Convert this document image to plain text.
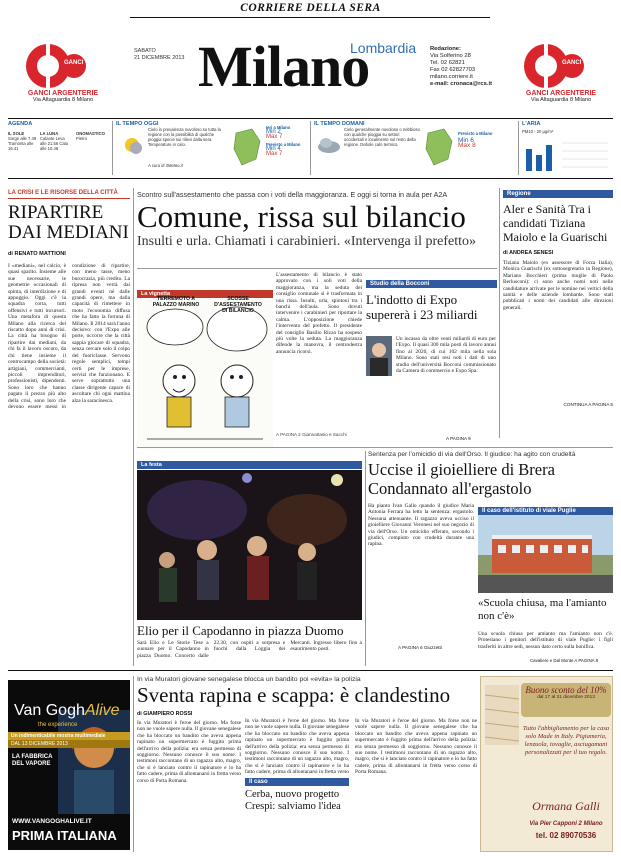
CORRIERE DELLA SERA
GANCI
GANCI ARGENTERIE
Via Altaguardia 8 Milano
GANCI
GANCI ARGENTERIE
Via Altaguardia 8 Milano
SABATO
21 DICEMBRE 2013 Milano
Lombardia Redazione:
Via Solferino 28
Tel. 02 62821
Fax 02 62827703
milano.corriere.it
e-mail: cronaca@rcs.it
AGENDA
IL SOLE
Sorge alle 7.49 Tramonta alle 16.41
LA LUNA
Calante Leva alle 21.56 Cala alle 10.48
ONOMASTICO
Pietro
IL TEMPO OGGI
Cielo in prevalenza nuvoloso su tutta la regione con la possibilità di qualche pioggia specie sui rilievi dalla sera. Temperature in calo.
A cura di 3Meteo.it
Ieri a Milano
Min 2
Max 7
Previsto a Milano
Min 4
Max 7
IL TEMPO DOMANI
Cielo generalmente nuvoloso o nebbioso con qualche pioggia su settori occidentali e localmente sul resto della regione. Debole calo termico.
Previsto a Milano
Min 6
Max 8
L'ARIA
PM10 - 20 µg/m³
LA CRISI E LE RISORSE DELLA CITTÀ
RIPARTIRE DAI MEDIANI
di RENATO MATTIONI
I «mediani», nel calcio, è quasi sparito. Insieme alle sue necessarie, le geometrie occasionali di spinta, di interdizione e di appoggio. Oggi c'è la squadra corta, tutti offensivi e tutti incursori. Una metafora di questa Milano alla ricerca del riscatto dopo anni di crisi. La città ha bisogno di ripartire dai mediani, da chi fa il lavoro oscuro, da chi tiene insieme il centrocampo della società: artigiani, commercianti, piccoli imprenditori, professionisti, dipendenti. Sono loro che hanno pagato il prezzo più alto della crisi, sono loro che devono essere messi in condizione di ripartire, con meno tasse, meno burocrazia, più credito. La ripresa non verrà dai grandi eventi né dalle grandi opere, ma dalla capacità di rimettere in moto l'economia diffusa che ha fatto la fortuna di Milano. Il 2014 sarà l'anno decisivo: con l'Expo alle porte, occorre che la città sappia giocare di squadra, senza cercare solo il colpo del fuoriclasse. Servono regole semplici, tempi certi per le imprese, servizi che funzionano. E serve soprattutto una classe dirigente capace di ascoltare chi ogni mattina alza la saracinesca.
Scontro sull'assestamento che passa con i voti della maggioranza. E oggi si torna in aula per A2A
Comune, rissa sul bilancio
Insulti e urla. Chiamati i carabinieri. «Intervenga il prefetto»
La vignetta
TERREMOTO A PALAZZO MARINO
SCOSSE D'ASSESTAMENTO DI BILANCIO
L'assestamento di bilancio è stato approvato con i soli voti della maggioranza, ma la seduta del consiglio comunale si è trasformata in una rissa. Insulti, urla, spintoni tra i banchi dell'aula. Sono dovuti intervenire i carabinieri per riportare la calma. L'opposizione chiede l'intervento del prefetto. Il presidente del consiglio Basilio Rizzo ha sospeso più volte la seduta. La maggioranza difende la manovra, il centrodestra annuncia ricorsi.
A PAGINA 2 Giannattasio e Sacchi
Studio della Bocconi
L'indotto di Expo supererà i 23 miliardi
Un incasso da oltre venti miliardi di euro per l'Expo. Il quasi 300 mila posti di lavoro annui fino al 2020, di cui 102 mila nella sola Milano. Sono stati resi noti i dati di uno studio dell'università Bocconi commissionato da Camera di commercio e Expo Spa.
A PAGINA 9
Regione
Aler e Sanità Tra i candidati Tiziana Maiolo e la Guarischi
di ANDREA SENESI
Tiziana Maiolo (ex assessore di Forza Italia), Monica Guarischi (ex sottosegretario in Regione), Mariano Bocchieri (prima moglie di Paolo Berlusconi): ci sono anche nomi noti nelle candidature arrivate per le nomine nei vertici della sanità e delle aziende lombarde. Sono stati pubblicati i nomi dei candidati alle direzioni generali.
CONTINUA A PAGINA 5
La festa
Elio per il Capodanno in piazza Duomo
Sarà Elio e Le Storie Tese a suonare per il Capodanno in piazza Duomo. Concerto dalle 22.30, con ospiti a sorpresa e fuochi dalla Loggia dei Mercanti. Ingresso libero fino a esaurimento posti.
Sentenza per l'omicidio di via dell'Orso. Il giudice: ha agito con crudeltà
Uccise il gioielliere di Brera Condannato all'ergastolo
Ha pianto Ivan Gallo quando il giudice Maria Antonia Ferrara ha letto la sentenza: ergastolo. Nessuna attenuante. Il ragazzo aveva ucciso il gioielliere Giovanni Veronesi nel suo negozio di via dell'Orso. Un omicidio efferato, secondo i giudici, compiuto con crudeltà durante una rapina.
A PAGINA 6 Giuzzetti
Il caso dell'istituto di viale Puglie
«Scuola chiusa, ma l'amianto non c'è»
Una scuola chiusa per amianto ma l'amianto non c'è. Protestano i genitori dell'istituto di viale Puglie: i figli trasferiti in altre sedi, nessun dato certo sulla bonifica.
Cavaliere e Dal Monte A PAGINA 8
Van GoghAlive
the experience
Un indimenticabile mostra multimediale
DAL 13 DICEMBRE 2013
LA FABBRICA DEL VAPORE
WWW.VANGOGHALIVE.IT
PRIMA ITALIANA
In via Muratori giovane senegalese blocca un bandito poi «evita» la polizia
Sventa rapina e scappa: è clandestino
di GIAMPIERO ROSSI
In via Muratori è l'eroe del giorno. Ma forse non ne vuole sapere nulla. Il giovane senegalese che ha bloccato un bandito che aveva appena rapinato un supermercato è fuggito prima dell'arrivo della polizia: era senza permesso di soggiorno. Nessuno conosce il suo nome. I testimoni raccontano di un ragazzo alto, magro, che si è lanciato contro il rapinatore e lo ha fatto cadere, prima di allontanarsi in fretta verso corso di Porta Romana.
In via Muratori è l'eroe del giorno. Ma forse non ne vuole sapere nulla. Il giovane senegalese che ha bloccato un bandito che aveva appena rapinato un supermercato è fuggito prima dell'arrivo della polizia: era senza permesso di soggiorno. Nessuno conosce il suo nome. I testimoni raccontano di un ragazzo alto, magro, che si è lanciato contro il rapinatore e lo ha fatto cadere, prima di allontanarsi in fretta verso
Il caso
Cerba, nuovo progetto Crespi: salviamo l'idea
In via Muratori è l'eroe del giorno. Ma forse non ne vuole sapere nulla. Il giovane senegalese che ha bloccato un bandito che aveva appena rapinato un supermercato è fuggito prima dell'arrivo della polizia: era senza permesso di soggiorno. Nessuno conosce il suo nome. I testimoni raccontano di un ragazzo alto, magro, che si è lanciato contro il rapinatore e lo ha fatto cadere, prima di allontanarsi in fretta verso corso di Porta Romana.
Buono sconto del 10%
dal 17 al 31 dicembre 2013
Tutto l'abbigliamento per la casa solo Made in Italy. Pigiameria, lenzuola, tovaglie, asciugamani personalizzati per il tuo regalo.
Ormana Galli
Via Pier Capponi 2 Milano
tel. 02 89070536
